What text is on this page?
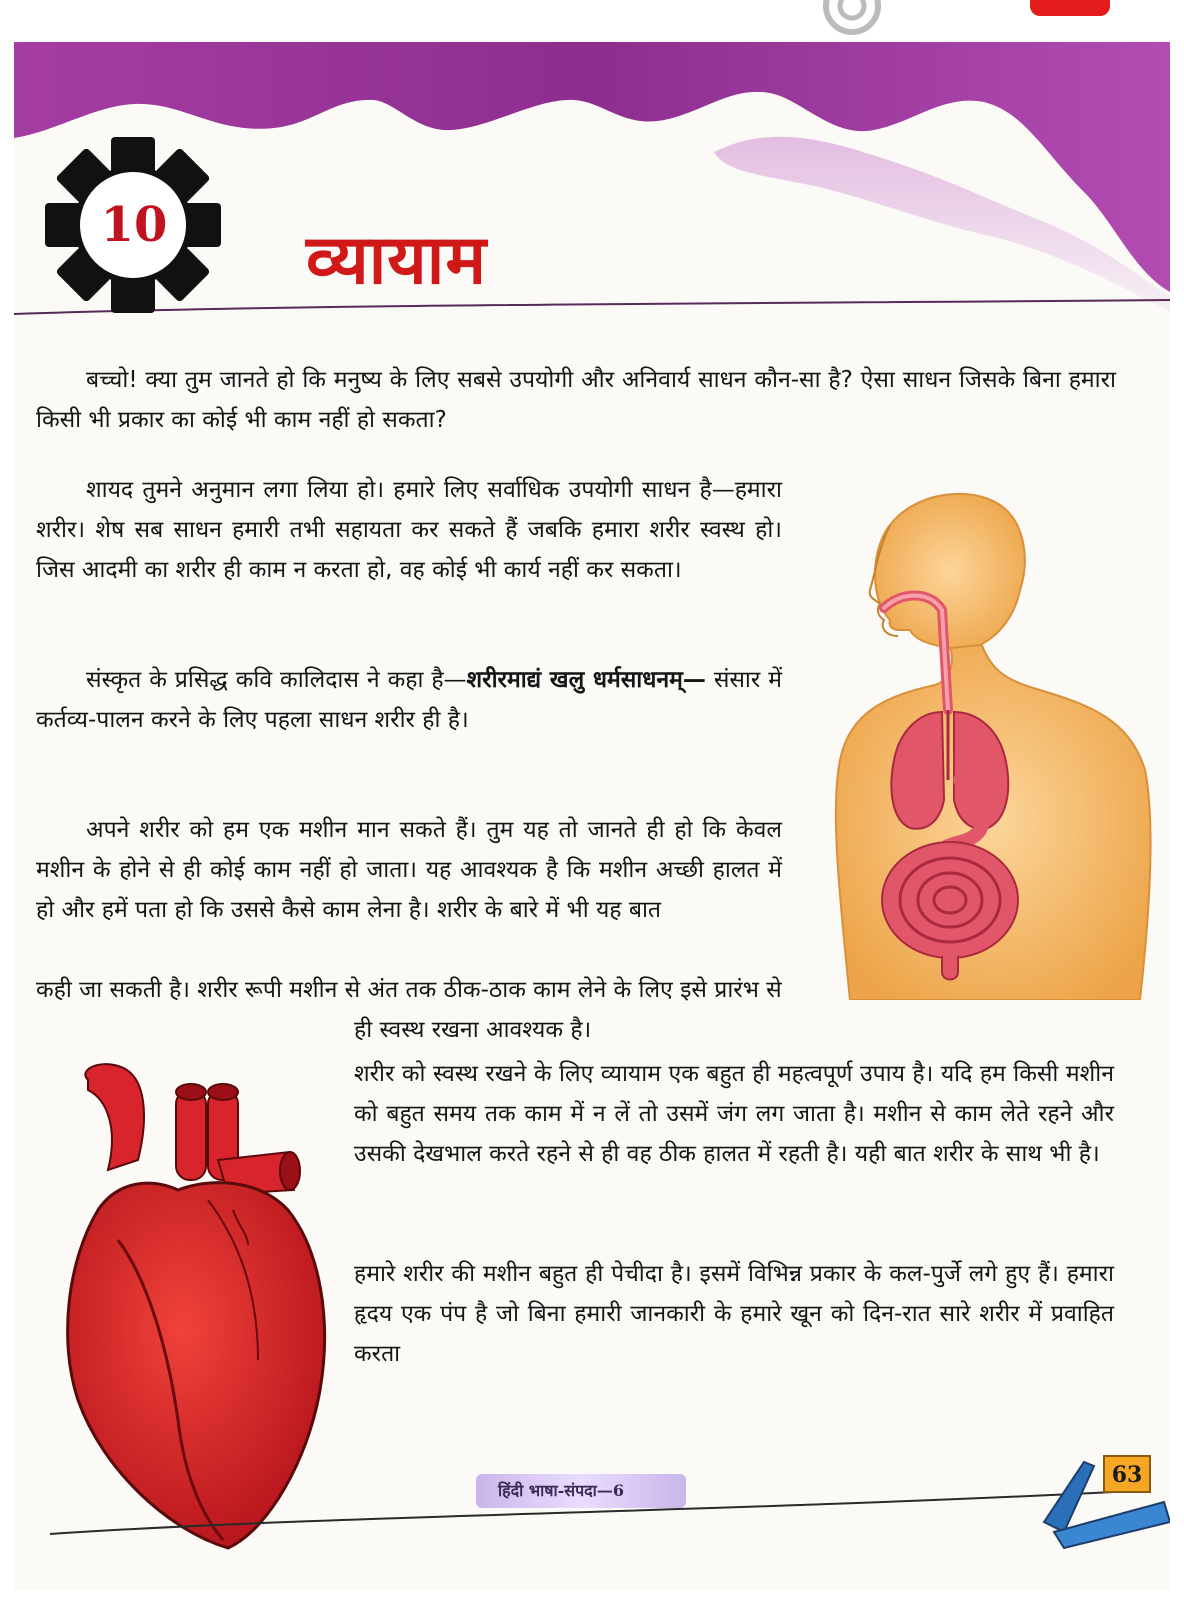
10 व्यायाम

बच्चो! क्या तुम जानते हो कि मनुष्य के लिए सबसे उपयोगी और अनिवार्य साधन कौन-सा है? ऐसा साधन जिसके बिना हमारा किसी भी प्रकार का कोई भी काम नहीं हो सकता?

शायद तुमने अनुमान लगा लिया हो। हमारे लिए सर्वाधिक उपयोगी साधन है—हमारा शरीर। शेष सब साधन हमारी तभी सहायता कर सकते हैं जबकि हमारा शरीर स्वस्थ हो। जिस आदमी का शरीर ही काम न करता हो, वह कोई भी कार्य नहीं कर सकता।

संस्कृत के प्रसिद्ध कवि कालिदास ने कहा है—शरीरमाद्यं खलु धर्मसाधनम्— संसार में कर्तव्य-पालन करने के लिए पहला साधन शरीर ही है।

अपने शरीर को हम एक मशीन मान सकते हैं। तुम यह तो जानते ही हो कि केवल मशीन के होने से ही कोई काम नहीं हो जाता। यह आवश्यक है कि मशीन अच्छी हालत में हो और हमें पता हो कि उससे कैसे काम लेना है। शरीर के बारे में भी यह बात

कही जा सकती है। शरीर रूपी मशीन से अंत तक ठीक-ठाक काम लेने के लिए इसे प्रारंभ से

ही स्वस्थ रखना आवश्यक है।

शरीर को स्वस्थ रखने के लिए व्यायाम एक बहुत ही महत्वपूर्ण उपाय है। यदि हम किसी मशीन को बहुत समय तक काम में न लें तो उसमें जंग लग जाता है। मशीन से काम लेते रहने और उसकी देखभाल करते रहने से ही वह ठीक हालत में रहती है। यही बात शरीर के साथ भी है।

हमारे शरीर की मशीन बहुत ही पेचीदा है। इसमें विभिन्न प्रकार के कल-पुर्जे लगे हुए हैं। हमारा हृदय एक पंप है जो बिना हमारी जानकारी के हमारे खून को दिन-रात सारे शरीर में प्रवाहित करता

हिंदी भाषा-संपदा—6
63
